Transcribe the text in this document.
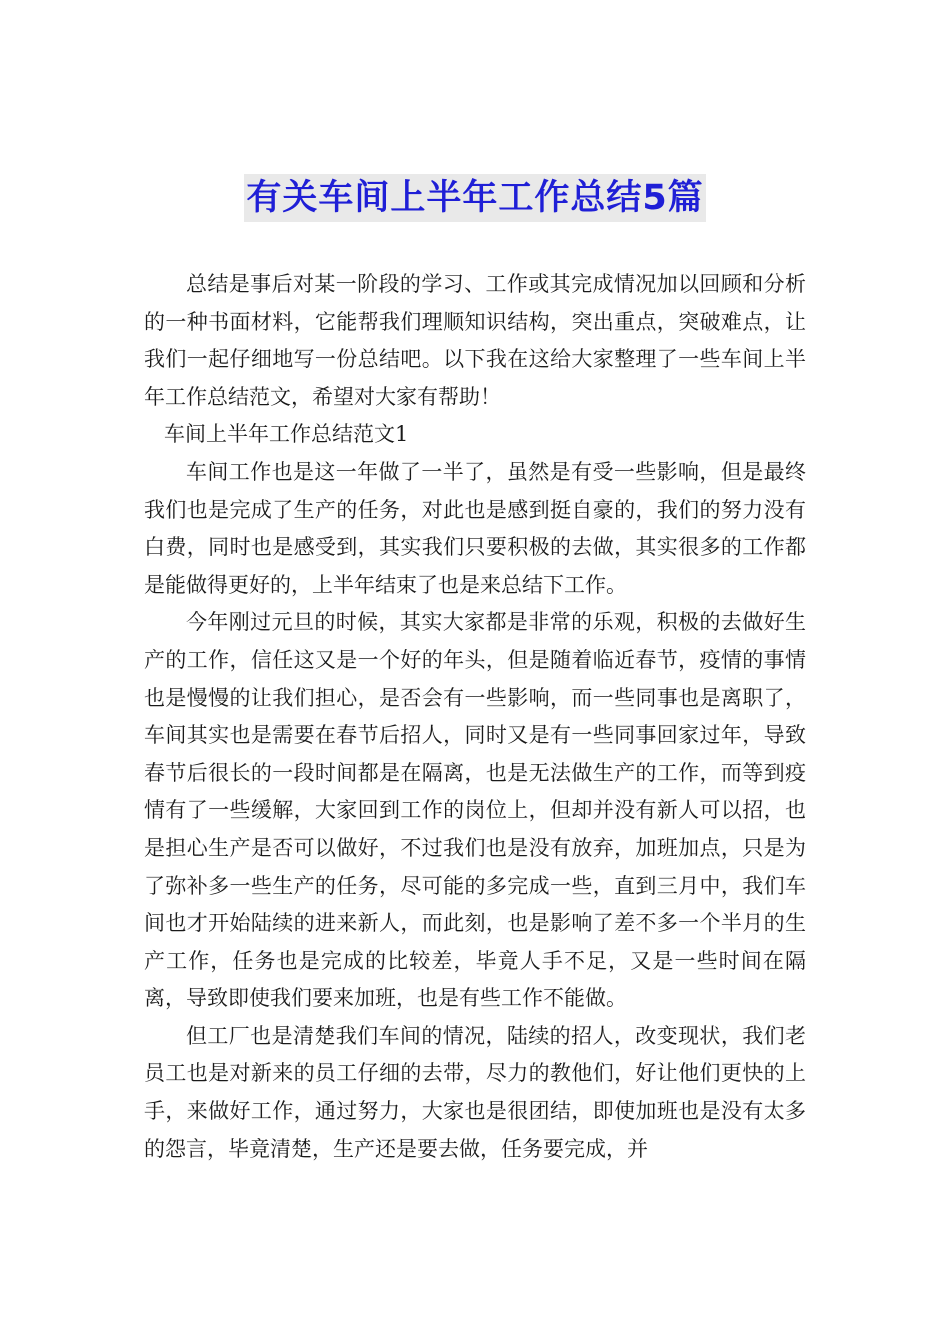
有关车间上半年工作总结5篇

总结是事后对某一阶段的学习、工作或其完成情况加以回顾和分析的一种书面材料，它能帮我们理顺知识结构，突出重点，突破难点，让我们一起仔细地写一份总结吧。以下我在这给大家整理了一些车间上半年工作总结范文，希望对大家有帮助！

车间上半年工作总结范文1

车间工作也是这一年做了一半了，虽然是有受一些影响，但是最终我们也是完成了生产的任务，对此也是感到挺自豪的，我们的努力没有白费，同时也是感受到，其实我们只要积极的去做，其实很多的工作都是能做得更好的，上半年结束了也是来总结下工作。

今年刚过元旦的时候，其实大家都是非常的乐观，积极的去做好生产的工作，信任这又是一个好的年头，但是随着临近春节，疫情的事情也是慢慢的让我们担心，是否会有一些影响，而一些同事也是离职了，车间其实也是需要在春节后招人，同时又是有一些同事回家过年，导致春节后很长的一段时间都是在隔离，也是无法做生产的工作，而等到疫情有了一些缓解，大家回到工作的岗位上，但却并没有新人可以招，也是担心生产是否可以做好，不过我们也是没有放弃，加班加点，只是为了弥补多一些生产的任务，尽可能的多完成一些，直到三月中，我们车间也才开始陆续的进来新人，而此刻，也是影响了差不多一个半月的生产工作，任务也是完成的比较差，毕竟人手不足，又是一些时间在隔离，导致即使我们要来加班，也是有些工作不能做。

但工厂也是清楚我们车间的情况，陆续的招人，改变现状，我们老员工也是对新来的员工仔细的去带，尽力的教他们，好让他们更快的上手，来做好工作，通过努力，大家也是很团结，即使加班也是没有太多的怨言，毕竟清楚，生产还是要去做，任务要完成，并
